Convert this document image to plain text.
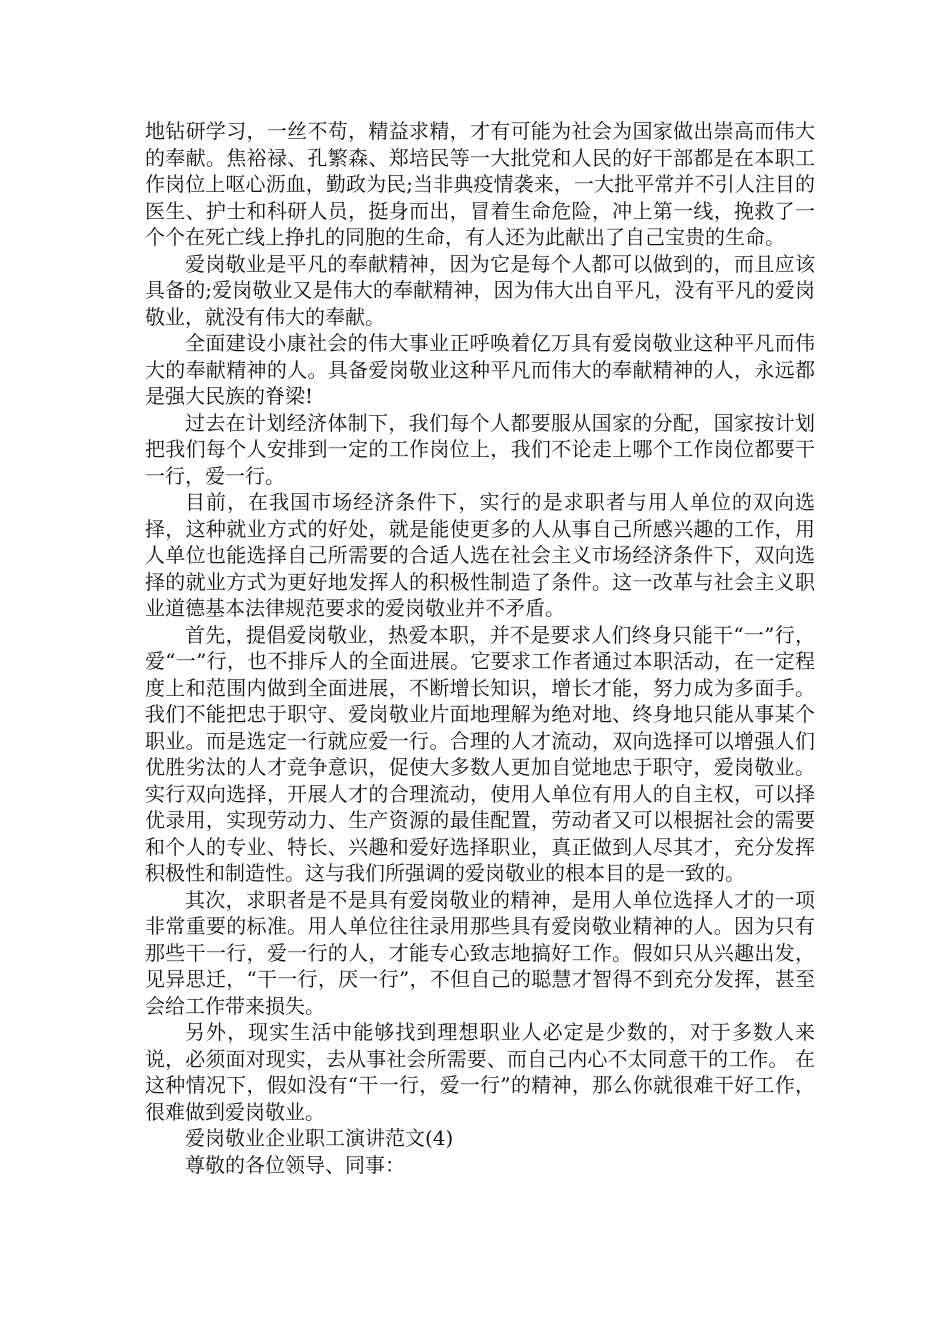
地钻研学习，一丝不苟，精益求精，才有可能为社会为国家做出崇高而伟大的奉献。焦裕禄、孔繁森、郑培民等一大批党和人民的好干部都是在本职工作岗位上呕心沥血，勤政为民;当非典疫情袭来，一大批平常并不引人注目的医生、护士和科研人员，挺身而出，冒着生命危险，冲上第一线，挽救了一个个在死亡线上挣扎的同胞的生命，有人还为此献出了自己宝贵的生命。

爱岗敬业是平凡的奉献精神，因为它是每个人都可以做到的，而且应该具备的;爱岗敬业又是伟大的奉献精神，因为伟大出自平凡，没有平凡的爱岗敬业，就没有伟大的奉献。

全面建设小康社会的伟大事业正呼唤着亿万具有爱岗敬业这种平凡而伟大的奉献精神的人。具备爱岗敬业这种平凡而伟大的奉献精神的人，永远都是强大民族的脊梁!

过去在计划经济体制下，我们每个人都要服从国家的分配，国家按计划把我们每个人安排到一定的工作岗位上，我们不论走上哪个工作岗位都要干一行，爱一行。

目前，在我国市场经济条件下，实行的是求职者与用人单位的双向选择，这种就业方式的好处，就是能使更多的人从事自己所感兴趣的工作，用人单位也能选择自己所需要的合适人选在社会主义市场经济条件下，双向选择的就业方式为更好地发挥人的积极性制造了条件。这一改革与社会主义职业道德基本法律规范要求的爱岗敬业并不矛盾。

首先，提倡爱岗敬业，热爱本职，并不是要求人们终身只能干“一”行，爱“一”行，也不排斥人的全面进展。它要求工作者通过本职活动，在一定程度上和范围内做到全面进展，不断增长知识，增长才能，努力成为多面手。我们不能把忠于职守、爱岗敬业片面地理解为绝对地、终身地只能从事某个职业。而是选定一行就应爱一行。合理的人才流动，双向选择可以增强人们优胜劣汰的人才竞争意识，促使大多数人更加自觉地忠于职守，爱岗敬业。实行双向选择，开展人才的合理流动，使用人单位有用人的自主权，可以择优录用，实现劳动力、生产资源的最佳配置，劳动者又可以根据社会的需要和个人的专业、特长、兴趣和爱好选择职业，真正做到人尽其才，充分发挥积极性和制造性。这与我们所强调的爱岗敬业的根本目的是一致的。

其次，求职者是不是具有爱岗敬业的精神，是用人单位选择人才的一项非常重要的标准。用人单位往往录用那些具有爱岗敬业精神的人。因为只有那些干一行，爱一行的人，才能专心致志地搞好工作。假如只从兴趣出发，见异思迁，“干一行，厌一行”，不但自己的聪慧才智得不到充分发挥，甚至会给工作带来损失。

另外，现实生活中能够找到理想职业人必定是少数的，对于多数人来说，必须面对现实，去从事社会所需要、而自己内心不太同意干的工作。 在这种情况下，假如没有“干一行，爱一行”的精神，那么你就很难干好工作，很难做到爱岗敬业。

爱岗敬业企业职工演讲范文(4)

尊敬的各位领导、同事：
